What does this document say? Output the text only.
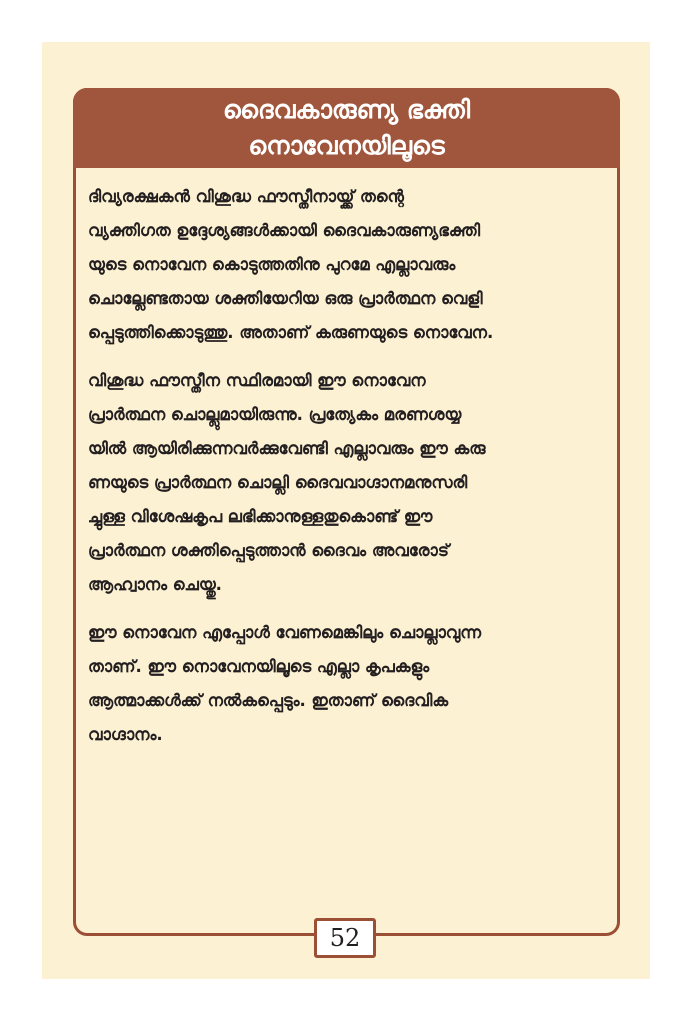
ദൈവകാരുണ്യ ഭക്തി
നൊവേനയിലൂടെ
ദിവ്യരക്ഷകൻ വിശുദ്ധ ഫൗസ്തീനായ്ക്ക് തന്റെ
വ്യക്തിഗത ഉദ്ദേശ്യങ്ങൾക്കായി ദൈവകാരുണ്യഭക്തി
യുടെ നൊവേന കൊടുത്തതിനു പുറമേ എല്ലാവരും
ചൊല്ലേണ്ടതായ ശക്തിയേറിയ ഒരു പ്രാർത്ഥന വെളി
പ്പെടുത്തിക്കൊടുത്തു. അതാണ് കരുണയുടെ നൊവേന.
വിശുദ്ധ ഫൗസ്തീന സ്ഥിരമായി ഈ നൊവേന
പ്രാർത്ഥന ചൊല്ലുമായിരുന്നു. പ്രത്യേകം മരണശയ്യ
യിൽ ആയിരിക്കുന്നവർക്കുവേണ്ടി എല്ലാവരും ഈ കരു
ണയുടെ പ്രാർത്ഥന ചൊല്ലി ദൈവവാഗ്ദാനമനുസരി
ച്ചുള്ള വിശേഷകൃപ ലഭിക്കാനുള്ളതുകൊണ്ട് ഈ
പ്രാർത്ഥന ശക്തിപ്പെടുത്താൻ ദൈവം അവരോട്
ആഹ്വാനം ചെയ്തു.
ഈ നൊവേന എപ്പോൾ വേണമെങ്കിലും ചൊല്ലാവുന്ന
താണ്. ഈ നൊവേനയിലൂടെ എല്ലാ കൃപകളും
ആത്മാക്കൾക്ക് നൽകപ്പെടും. ഇതാണ് ദൈവിക
വാഗ്ദാനം.
52
